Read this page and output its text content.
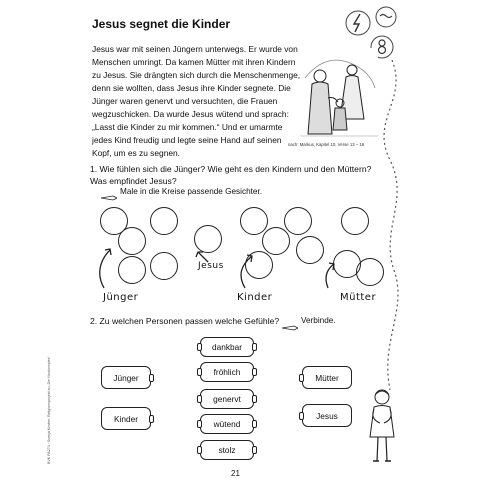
Jesus segnet die Kinder
Jesus war mit seinen Jüngern unterwegs. Er wurde von Menschen umringt. Da kamen Mütter mit ihren Kindern zu Jesus. Sie drängten sich durch die Menschenmenge, denn sie wollten, dass Jesus ihre Kinder segnete. Die Jünger waren genervt und versuchten, die Frauen wegzuschicken. Da wurde Jesus wütend und sprach: „Lasst die Kinder zu mir kommen.“ Und er umarmte jedes Kind freudig und legte seine Hand auf seinen Kopf, um es zu segnen.
nach: Markus, Kapitel 10, Verse 13 – 16
1. Wie fühlen sich die Jünger? Wie geht es den Kindern und den Müttern? Was empfindet Jesus?
Male in die Kreise passende Gesichter.
Jünger
Jesus
Kinder	Mütter
2. Zu welchen Personen passen welche Gefühle?	Verbinde.
Jünger
Kinder
dankbar
fröhlich
genervt
wütend
stolz
Mütter
Jesus
21
BVK PA274 · Svenja Kirsten: Religionsprojekt zu „Der Neukomplex“
